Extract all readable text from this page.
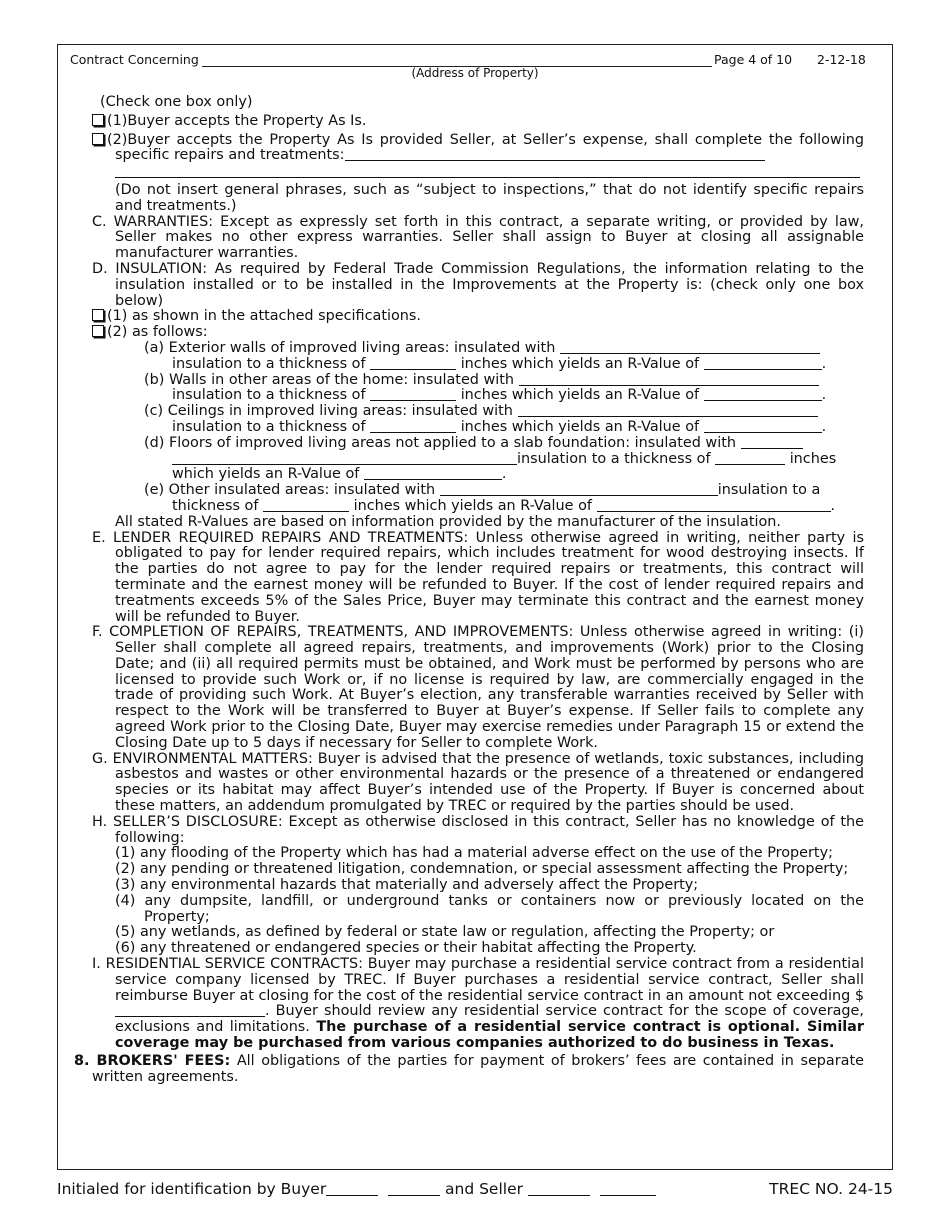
Contract Concerning
(Address of Property)
Page 4 of 10 2-12-18

(Check one box only)

(1)Buyer accepts the Property As Is.

(2)Buyer accepts the Property As Is provided Seller, at Seller’s expense, shall complete the following specific repairs and treatments:

(Do not insert general phrases, such as “subject to inspections,” that do not identify specific repairs and treatments.)

C. WARRANTIES: Except as expressly set forth in this contract, a separate writing, or provided by law, Seller makes no other express warranties. Seller shall assign to Buyer at closing all assignable manufacturer warranties.

D. INSULATION: As required by Federal Trade Commission Regulations, the information relating to the insulation installed or to be installed in the Improvements at the Property is: (check only one box below)

(1) as shown in the attached specifications.

(2) as follows:

(a) Exterior walls of improved living areas: insulated with

insulation to a thickness of	inches which yields an R-Value of	.

(b) Walls in other areas of the home: insulated with

insulation to a thickness of	inches which yields an R-Value of	.

(c) Ceilings in improved living areas: insulated with

insulation to a thickness of	inches which yields an R-Value of	.

(d) Floors of improved living areas not applied to a slab foundation: insulated with

insulation to a thickness of	inches

which yields an R-Value of	.

(e) Other insulated areas: insulated with	insulation to a

thickness of	inches which yields an R-Value of	.

All stated R-Values are based on information provided by the manufacturer of the insulation.

E. LENDER REQUIRED REPAIRS AND TREATMENTS: Unless otherwise agreed in writing, neither party is obligated to pay for lender required repairs, which includes treatment for wood destroying insects. If the parties do not agree to pay for the lender required repairs or treatments, this contract will terminate and the earnest money will be refunded to Buyer. If the cost of lender required repairs and treatments exceeds 5% of the Sales Price, Buyer may terminate this contract and the earnest money will be refunded to Buyer.

F. COMPLETION OF REPAIRS, TREATMENTS, AND IMPROVEMENTS: Unless otherwise agreed in writing: (i) Seller shall complete all agreed repairs, treatments, and improvements (Work) prior to the Closing Date; and (ii) all required permits must be obtained, and Work must be performed by persons who are licensed to provide such Work or, if no license is required by law, are commercially engaged in the trade of providing such Work. At Buyer’s election, any transferable warranties received by Seller with respect to the Work will be transferred to Buyer at Buyer’s expense. If Seller fails to complete any agreed Work prior to the Closing Date, Buyer may exercise remedies under Paragraph 15 or extend the Closing Date up to 5 days if necessary for Seller to complete Work.

G. ENVIRONMENTAL MATTERS: Buyer is advised that the presence of wetlands, toxic substances, including asbestos and wastes or other environmental hazards or the presence of a threatened or endangered species or its habitat may affect Buyer’s intended use of the Property. If Buyer is concerned about these matters, an addendum promulgated by TREC or required by the parties should be used.

H. SELLER’S DISCLOSURE: Except as otherwise disclosed in this contract, Seller has no knowledge of the following:

(1) any flooding of the Property which has had a material adverse effect on the use of the Property;

(2) any pending or threatened litigation, condemnation, or special assessment affecting the Property;

(3) any environmental hazards that materially and adversely affect the Property;

(4) any dumpsite, landfill, or underground tanks or containers now or previously located on the Property;

(5) any wetlands, as defined by federal or state law or regulation, affecting the Property; or

(6) any threatened or endangered species or their habitat affecting the Property.

I. RESIDENTIAL SERVICE CONTRACTS: Buyer may purchase a residential service contract from a residential service company licensed by TREC. If Buyer purchases a residential service contract, Seller shall reimburse Buyer at closing for the cost of the residential service contract in an amount not exceeding $. Buyer should review any residential service contract for the scope of coverage, exclusions and limitations. The purchase of a residential service contract is optional. Similar coverage may be purchased from various companies authorized to do business in Texas.

8. BROKERS' FEES: All obligations of the parties for payment of brokers’ fees are contained in separate written agreements.

Initialed for identification by Buyer	and Seller	TREC NO. 24-15
